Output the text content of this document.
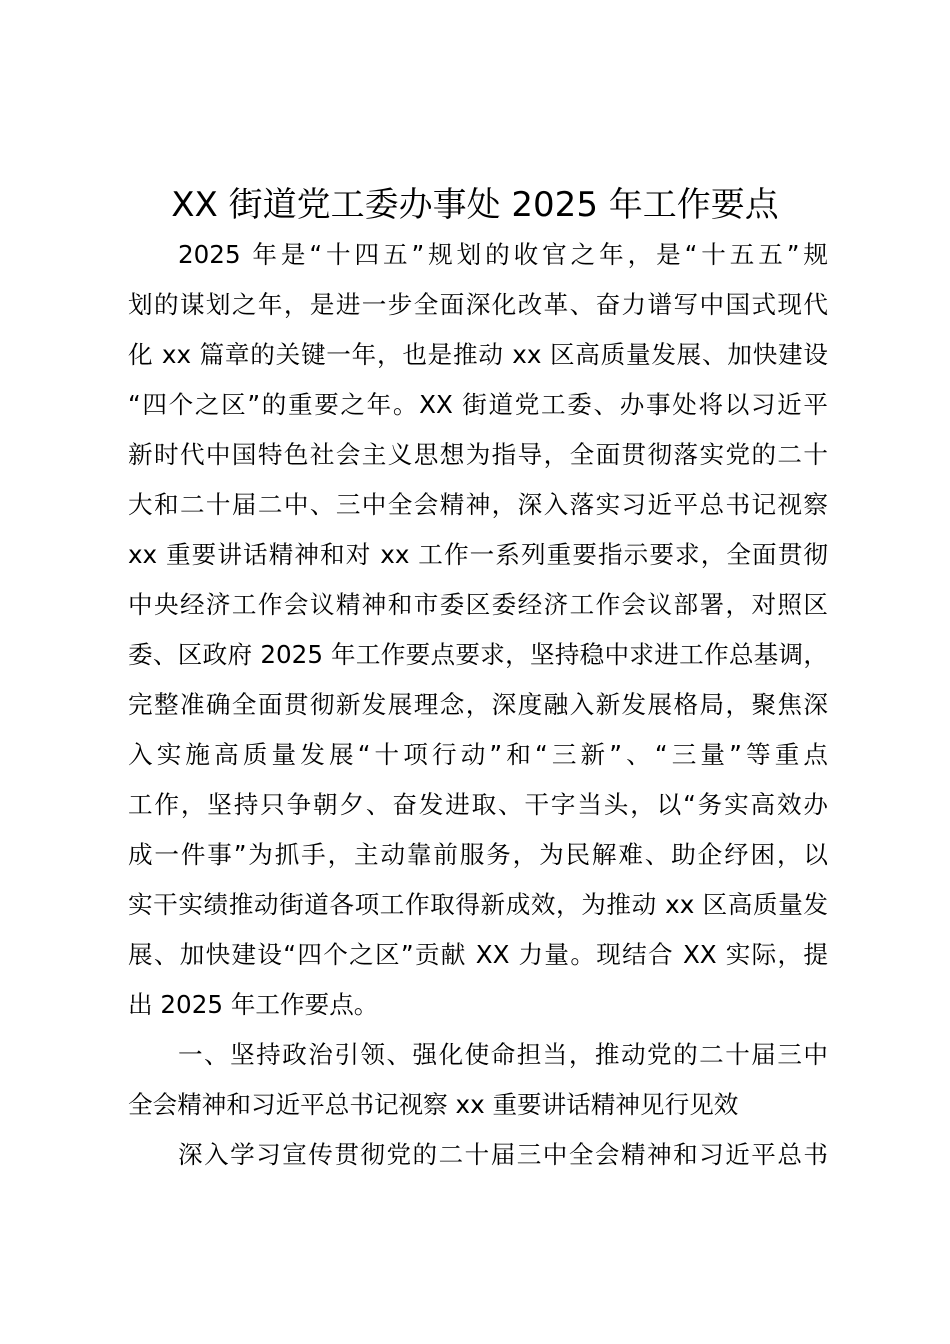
XX 街道党工委办事处 2025 年工作要点
2025 年是“十四五”规划的收官之年，是“十五五”规
划的谋划之年，是进一步全面深化改革、奋力谱写中国式现代
化 xx 篇章的关键一年，也是推动 xx 区高质量发展、加快建设
“四个之区”的重要之年。XX 街道党工委、办事处将以习近平
新时代中国特色社会主义思想为指导，全面贯彻落实党的二十
大和二十届二中、三中全会精神，深入落实习近平总书记视察
xx 重要讲话精神和对 xx 工作一系列重要指示要求，全面贯彻
中央经济工作会议精神和市委区委经济工作会议部署，对照区
委、区政府 2025 年工作要点要求，坚持稳中求进工作总基调，
完整准确全面贯彻新发展理念，深度融入新发展格局，聚焦深
入实施高质量发展“十项行动”和“三新”、“三量”等重点
工作，坚持只争朝夕、奋发进取、干字当头，以“务实高效办
成一件事”为抓手，主动靠前服务，为民解难、助企纾困，以
实干实绩推动街道各项工作取得新成效，为推动 xx 区高质量发
展、加快建设“四个之区”贡献 XX 力量。现结合 XX 实际，提
出 2025 年工作要点。
一、坚持政治引领、强化使命担当，推动党的二十届三中
全会精神和习近平总书记视察 xx 重要讲话精神见行见效
深入学习宣传贯彻党的二十届三中全会精神和习近平总书
